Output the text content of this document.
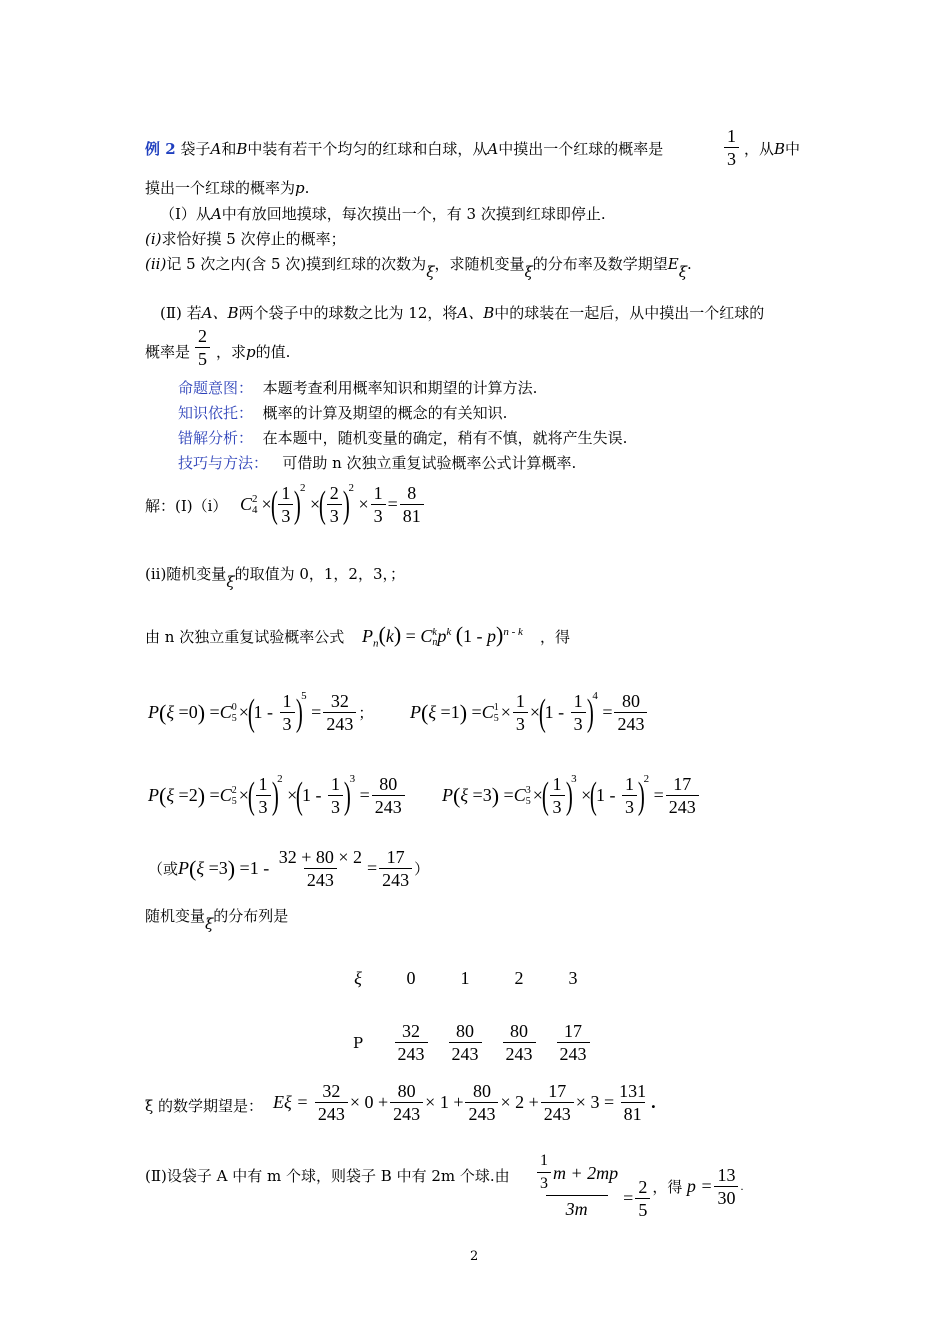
例 2 袋子A和B中装有若干个均匀的红球和白球，从A中摸出一个红球的概率是	$\frac{1}{3}$ ，从B中
摸出一个红球的概率为p.
（Ⅰ）从A中有放回地摸球，每次摸出一个，有 3 次摸到红球即停止.
(i)求恰好摸 5 次停止的概率；
(ii)记 5 次之内(含 5 次)摸到红球的次数为ξ，求随机变量ξ的分布率及数学期望Eξ.
(Ⅱ) 若A、B两个袋子中的球数之比为 12，将A、B中的球装在一起后，从中摸出一个红球的
概率是 $\frac{2}{5}$ ，求p的值.
命题意图： 本题考查利用概率知识和期望的计算方法.
知识依托： 概率的计算及期望的概念的有关知识.
错解分析： 在本题中，随机变量的确定，稍有不慎，就将产生失误.
技巧与方法： 可借助 n 次独立重复试验概率公式计算概率.
解：(Ⅰ)（i） C 2
4 ×
( $\frac{1}{3}$ )
2
×
( $\frac{2}{3}$ )
2
× $\frac{1}{3} = \frac{8}{81}$
(ii)随机变量ξ的取值为 0，1，2，3，；
由 n 次独立重复试验概率公式 $P_n(k) = C$ k
n $p^k$ (1 - p)$^{n - k}$ ，得
P ( ξ =0 ) = C 0
5 ×
(
$1 - \frac{1}{3}$ )
5
= $\frac{32}{243}$ ； P ( ξ =1 ) = C 1
$5 \times \frac{1}{3}$ ×
(
$1 - \frac{1}{3}$ )
4
= $\frac{80}{243}$
P ( ξ =2 ) = C 2
5 ×
( $\frac{1}{3}$ )
2
×
(
$1 - \frac{1}{3}$ )
3
= $\frac{80}{243}$ P ( ξ =3 ) = C 3
5 ×
( $\frac{1}{3}$ )
3
×
(
$1 - \frac{1}{3}$ )
2
= $\frac{17}{243}$
（或 P ( ξ =3 ) $=1 - \frac{32 + 80 \times 2}{243} = \frac{17}{243}$ ）
随机变量ξ的分布列是
ξ	0	1	2	3
P	$\frac{32}{243} \frac{80}{243} \frac{80}{243} \frac{17}{243}$
ξ 的数学期望是： Eξ =
$\frac{32}{243} \times 0 + \frac{80}{243} \times 1 + \frac{80}{243} \times 2 + \frac{17}{243} \times 3 = \frac{131}{81}$ .
(Ⅱ)设袋子 A 中有 m 个球，则袋子 B 中有 2m 个球.由 $\frac{\frac{1}{3} m + 2mp}{3m} = \frac{2}{5}$ ，得
$p = \frac{13}{30}$ .
2
